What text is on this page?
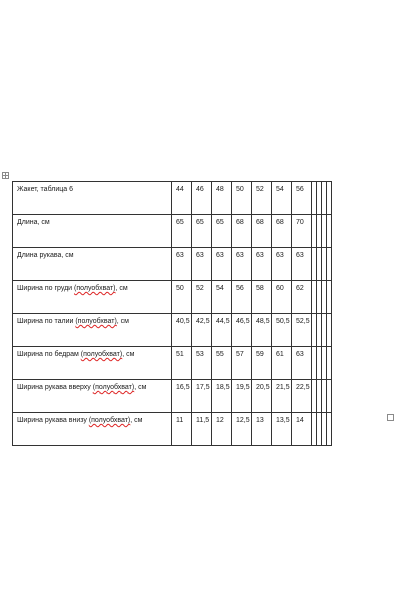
Жакет, таблица 6	44	46	48	50	52	54	56				
Длина, см	65	65	65	68	68	68	70				
Длина рукава, см	63	63	63	63	63	63	63				
Ширина по груди (полуобхват), см	50	52	54	56	58	60	62				
Ширина по талии (полуобхват), см	40,5	42,5	44,5	46,5	48,5	50,5	52,5				
Ширина по бедрам (полуобхват), см	51	53	55	57	59	61	63				
Ширина рукава вверху (полуобхват), см	16,5	17,5	18,5	19,5	20,5	21,5	22,5				
Ширина рукава внизу (полуобхват), см	11	11,5	12	12,5	13	13,5	14				
